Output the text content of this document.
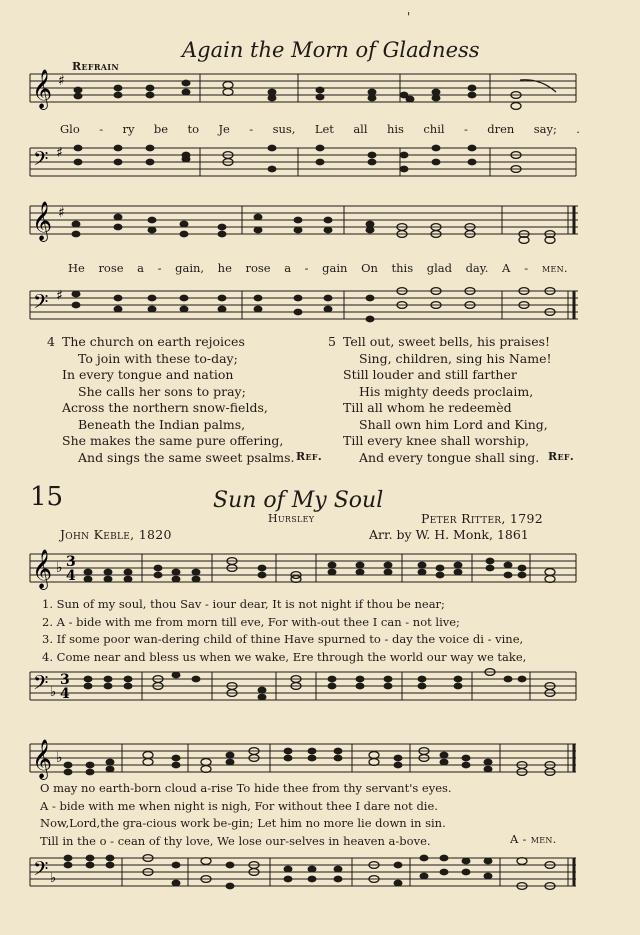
Again the Morn of Gladness
Refrain
'
𝄞 ♯
Glo - ry be to Je - sus, Let all his chil - dren say; .
𝄢 ♯
𝄞 ♯
He rose a - gain, he rose a - gain On this glad day. A - men.
𝄢 ♯
4 The church on earth rejoices
To join with these to-day;
In every tongue and nation
She calls her sons to pray;
Across the northern snow-fields,
Beneath the Indian palms,
She makes the same pure offering,
And sings the same sweet psalms. Ref.
5 Tell out, sweet bells, his praises!
Sing, children, sing his Name!
Still louder and still farther
His mighty deeds proclaim,
Till all whom he redeemèd
Shall own him Lord and King,
Till every knee shall worship,
And every tongue shall sing. Ref.
15	Sun of My Soul
Hursley
John Keble, 1820
Peter Ritter, 1792
Arr. by W. H. Monk, 1861
𝄞 ♭ 3
4
1. Sun of my soul, thou Sav - iour dear, It is not night if thou be near;
2. A - bide with me from morn till eve, For with-out thee I can - not live;
3. If some poor wan-dering child of thine Have spurned to - day the voice di - vine,
4. Come near and bless us when we wake, Ere through the world our way we take,
𝄢 ♭
3
4
𝄞 ♭
O may no earth-born cloud a-rise To hide thee from thy servant's eyes.
A - bide with me when night is nigh, For without thee I dare not die.
Now,Lord,the gra-cious work be-gin; Let him no more lie down in sin.
Till in the o - cean of thy love, We lose our-selves in heaven a-bove.	A - men.
𝄢 ♭
